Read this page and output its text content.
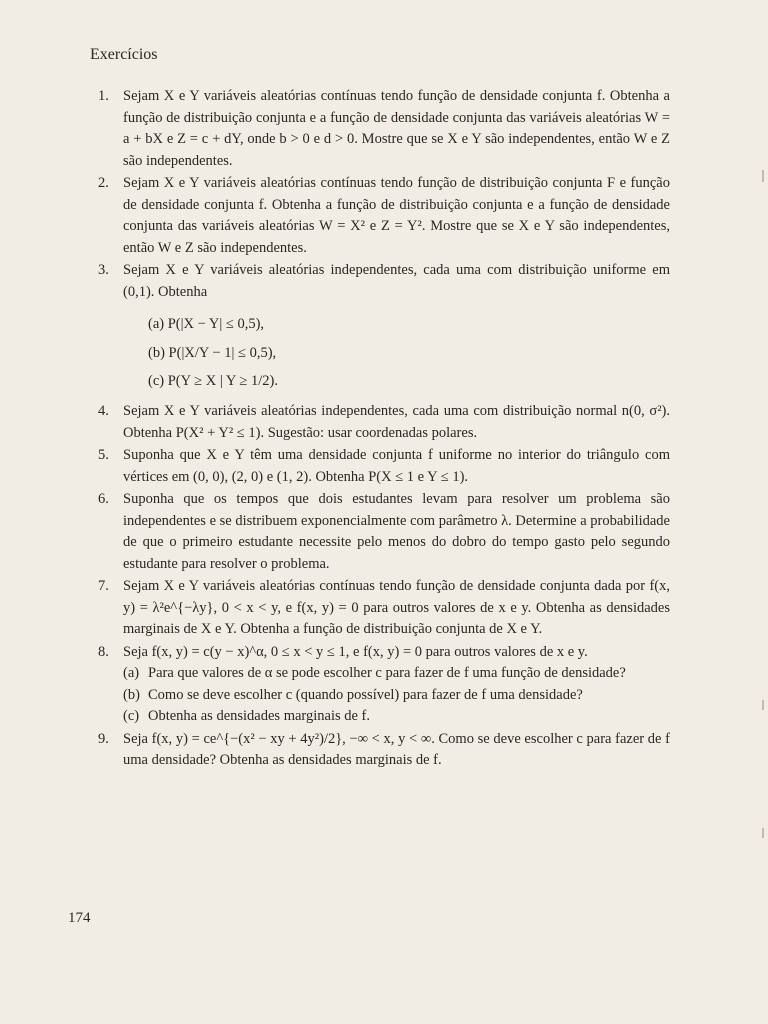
Exercícios
1. Sejam X e Y variáveis aleatórias contínuas tendo função de densidade conjunta f. Obtenha a função de distribuição conjunta e a função de densidade conjunta das variáveis aleatórias W = a + bX e Z = c + dY, onde b > 0 e d > 0. Mostre que se X e Y são independentes, então W e Z são independentes.
2. Sejam X e Y variáveis aleatórias contínuas tendo função de distribuição conjunta F e função de densidade conjunta f. Obtenha a função de distribuição conjunta e a função de densidade conjunta das variáveis aleatórias W = X² e Z = Y². Mostre que se X e Y são independentes, então W e Z são independentes.
3. Sejam X e Y variáveis aleatórias independentes, cada uma com distribuição uniforme em (0,1). Obtenha
(a) P(|X − Y| ≤ 0,5),
(b) P(|X/Y − 1| ≤ 0,5),
(c) P(Y ≥ X | Y ≥ 1/2).
4. Sejam X e Y variáveis aleatórias independentes, cada uma com distribuição normal n(0, σ²). Obtenha P(X² + Y² ≤ 1). Sugestão: usar coordenadas polares.
5. Suponha que X e Y têm uma densidade conjunta f uniforme no interior do triângulo com vértices em (0, 0), (2, 0) e (1, 2). Obtenha P(X ≤ 1 e Y ≤ 1).
6. Suponha que os tempos que dois estudantes levam para resolver um problema são independentes e se distribuem exponencialmente com parâmetro λ. Determine a probabilidade de que o primeiro estudante necessite pelo menos do dobro do tempo gasto pelo segundo estudante para resolver o problema.
7. Sejam X e Y variáveis aleatórias contínuas tendo função de densidade conjunta dada por f(x, y) = λ²e^{−λy}, 0 < x < y, e f(x, y) = 0 para outros valores de x e y. Obtenha as densidades marginais de X e Y. Obtenha a função de distribuição conjunta de X e Y.
8. Seja f(x, y) = c(y − x)^α, 0 ≤ x < y ≤ 1, e f(x, y) = 0 para outros valores de x e y.
(a) Para que valores de α se pode escolher c para fazer de f uma função de densidade?
(b) Como se deve escolher c (quando possível) para fazer de f uma densidade?
(c) Obtenha as densidades marginais de f.
9. Seja f(x, y) = ce^{−(x² − xy + 4y²)/2}, −∞ < x, y < ∞. Como se deve escolher c para fazer de f uma densidade? Obtenha as densidades marginais de f.
174
